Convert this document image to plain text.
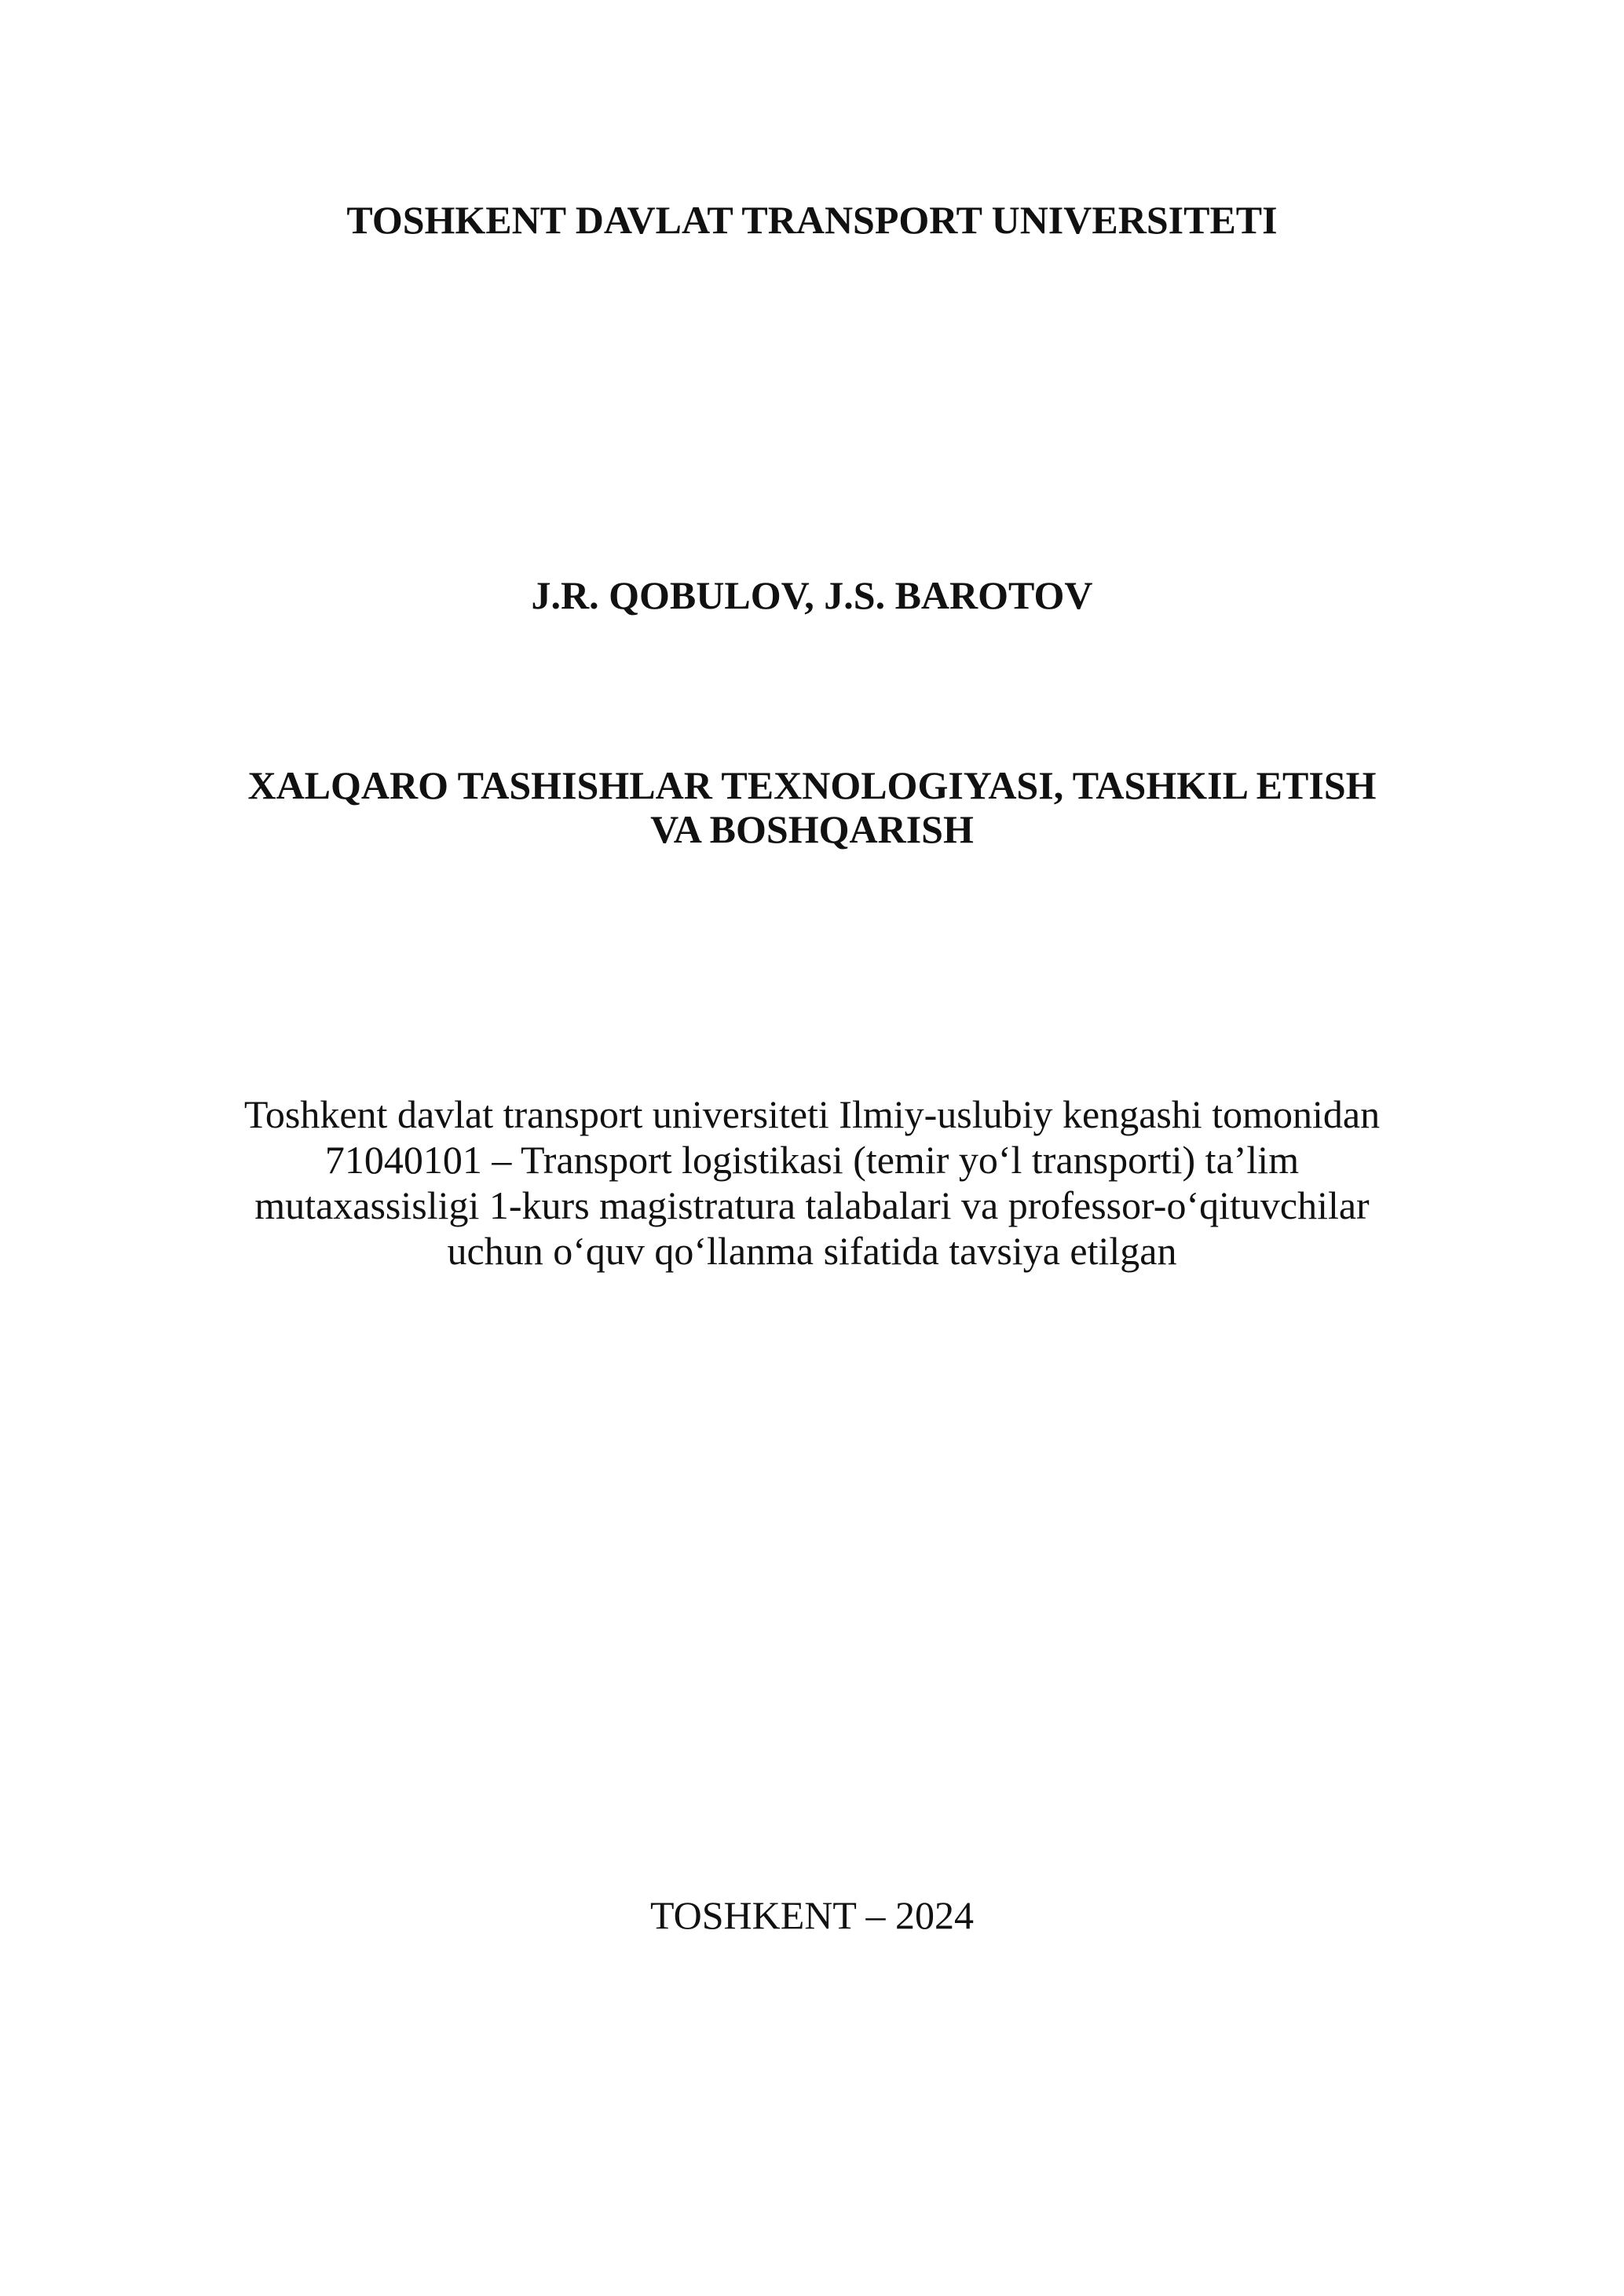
TOSHKENT DAVLAT TRANSPORT UNIVERSITETI

J.R. QOBULOV, J.S. BAROTOV

XALQARO TASHISHLAR TEXNOLOGIYASI, TASHKIL ETISH

VA BOSHQARISH

Toshkent davlat transport universiteti Ilmiy-uslubiy kengashi tomonidan
71040101 – Transport logistikasi (temir yo‘l transporti) ta’lim
mutaxassisligi 1-kurs magistratura talabalari va professor-o‘qituvchilar
uchun o‘quv qo‘llanma sifatida tavsiya etilgan

TOSHKENT – 2024
